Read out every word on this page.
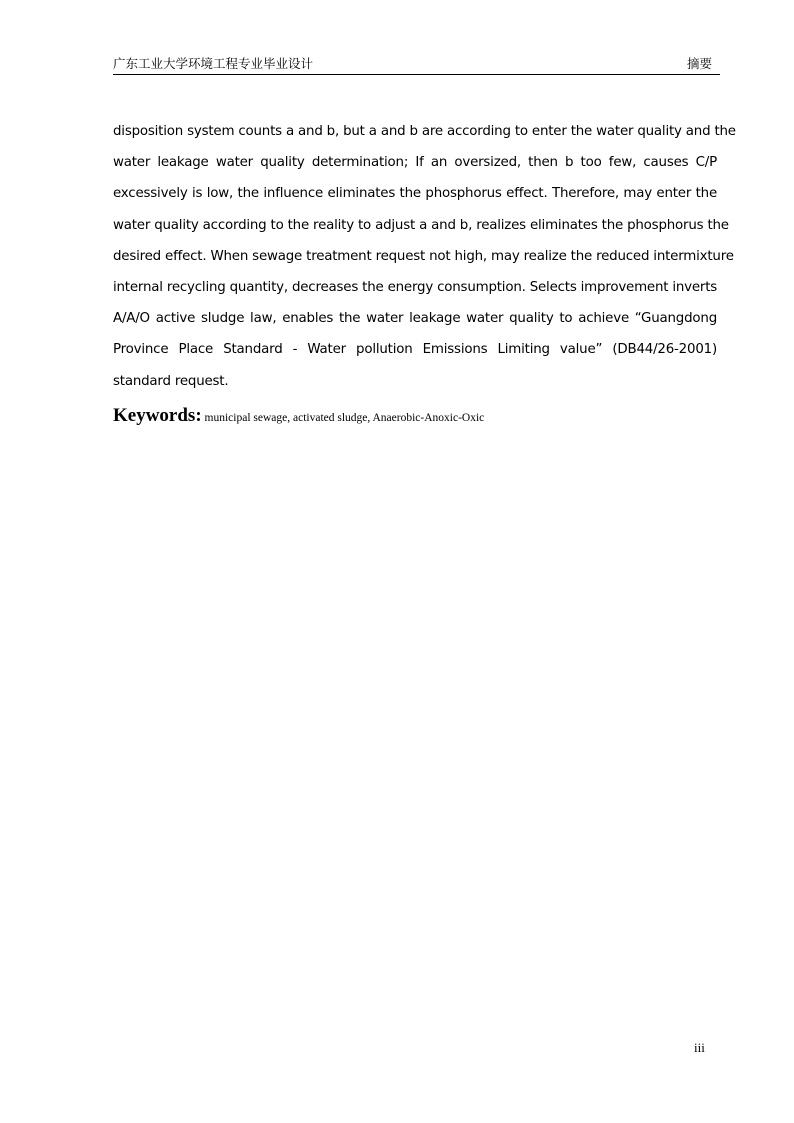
广东工业大学环境工程专业毕业设计	摘要
disposition system counts a and b, but a and b are according to enter the water quality and the
water leakage water quality determination; If an oversized, then b too few, causes C/P
excessively is low, the influence eliminates the phosphorus effect. Therefore, may enter the
water quality according to the reality to adjust a and b, realizes eliminates the phosphorus the
desired effect. When sewage treatment request not high, may realize the reduced intermixture
internal recycling quantity, decreases the energy consumption. Selects improvement inverts
A/A/O active sludge law, enables the water leakage water quality to achieve “Guangdong
Province Place Standard - Water pollution Emissions Limiting value” (DB44/26-2001)
standard request.
Keywords: municipal sewage, activated sludge, Anaerobic-Anoxic-Oxic
iii
